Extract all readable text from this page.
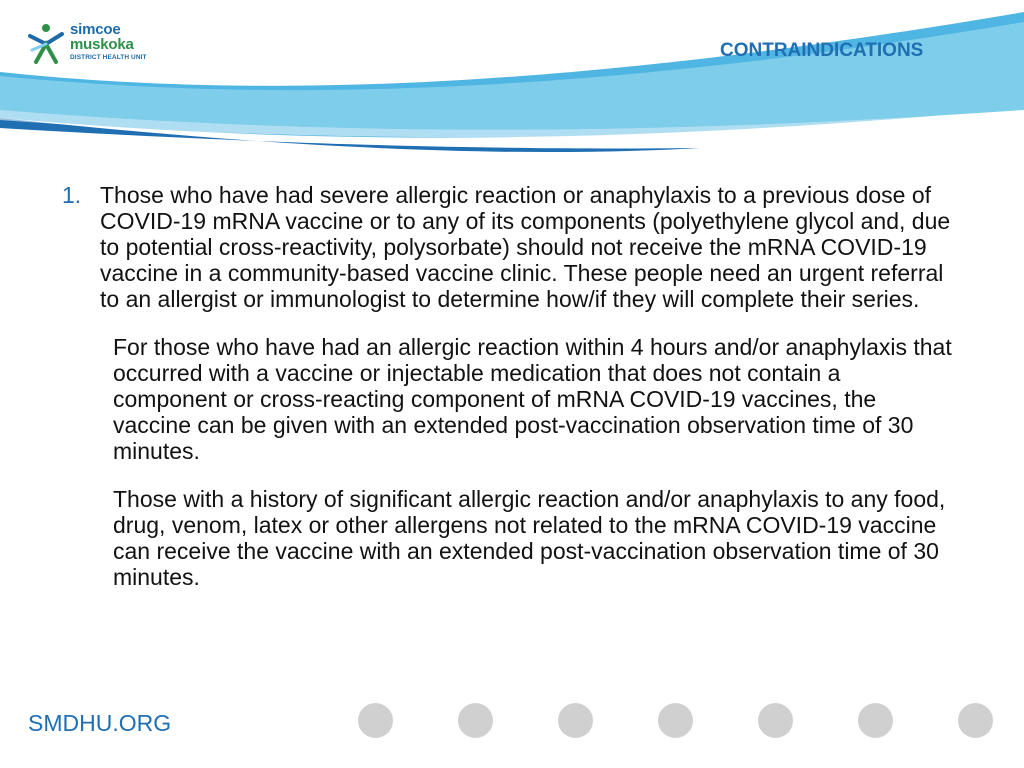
simcoe
muskoka
DISTRICT HEALTH UNIT	CONTRAINDICATIONS
1. Those who have had severe allergic reaction or anaphylaxis to a previous dose of COVID-19 mRNA vaccine or to any of its components (polyethylene glycol and, due to potential cross-reactivity, polysorbate) should not receive the mRNA COVID-19 vaccine in a community-based vaccine clinic. These people need an urgent referral to an allergist or immunologist to determine how/if they will complete their series.
For those who have had an allergic reaction within 4 hours and/or anaphylaxis that occurred with a vaccine or injectable medication that does not contain a component or cross-reacting component of mRNA COVID-19 vaccines, the vaccine can be given with an extended post-vaccination observation time of 30 minutes.
Those with a history of significant allergic reaction and/or anaphylaxis to any food, drug, venom, latex or other allergens not related to the mRNA COVID-19 vaccine can receive the vaccine with an extended post-vaccination observation time of 30 minutes.
SMDHU.ORG
